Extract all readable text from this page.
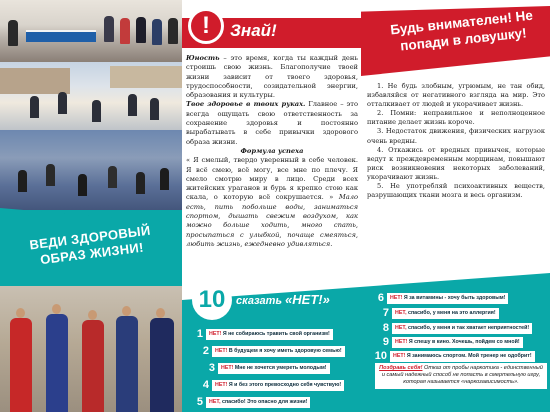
ВЕДИ ЗДОРОВЫЙ ОБРАЗ ЖИЗНИ!
!	Знай!

Юность – это время, когда ты каждый день строишь свою жизнь. Благополучие твоей жизни зависит от твоего здоровья, трудоспособности, созидательной энергии, образования и культуры.

Твое здоровье в твоих руках. Главное – это всегда ощущать свою ответственность за сохранение здоровья и постоянно вырабатывать в себе привычки здорового образа жизни.

Формула успеха

« Я смелый, твердо уверенный в себе человек. Я всё смею, всё могу, все мне по плечу. Я смело смотрю миру в лицо. Среди всех житейских ураганов и бурь я крепко стою как скала, о которую всё сокрушается. » Мало есть, пить побольше воды, заниматься спортом, дышать свежим воздухом, как можно больше ходить, много спать, просыпаться с улыбкой, почаще смеяться, любить жизнь, ежедневно удивляться.

Будь внимателен! Не попади в ловушку!

1. Не будь злобным, угрюмым, не тан обид, избавляйся от негативного взгляда на мир. Это отталкивает от людей и укорачивает жизнь.

2. Помни: неправильное и неполноценное питание делает жизнь короче.

3. Недостаток движения, физических нагрузок очень вредны.

4. Откажись от вредных привычек, которые ведут к преждевременным морщинам, повышают риск возникновения некоторых заболеваний, укорачивают жизнь.

5. Не употребляй психоактивных веществ, разрушающих ткани мозга и весь организм.

10 способов
сказать «НЕТ!»
1	НЕТ! Я не собираюсь травить свой организм!
2	НЕТ! В будущем я хочу иметь здоровую семью!
3	НЕТ! Мне не хочется умереть молодым!
4	НЕТ! Я и без этого превосходно себя чувствую!
5	НЕТ, спасибо! Это опасно для жизни!
6	НЕТ! Я за витамины - хочу быть здоровым!
7	НЕТ, спасибо, у меня на это аллергия!
8	НЕТ, спасибо, у меня и так хватает неприятностей!
9	НЕТ! Я спешу в кино. Хочешь, пойдем со мной!
10	НЕТ! Я занимаюсь спортом. Мой тренер не одобрит!
Поздравь себя! Отказ от пробы наркотика - единственный и самый надежный способ не попасть в смертельную игру, которая называется «наркозависимость».
